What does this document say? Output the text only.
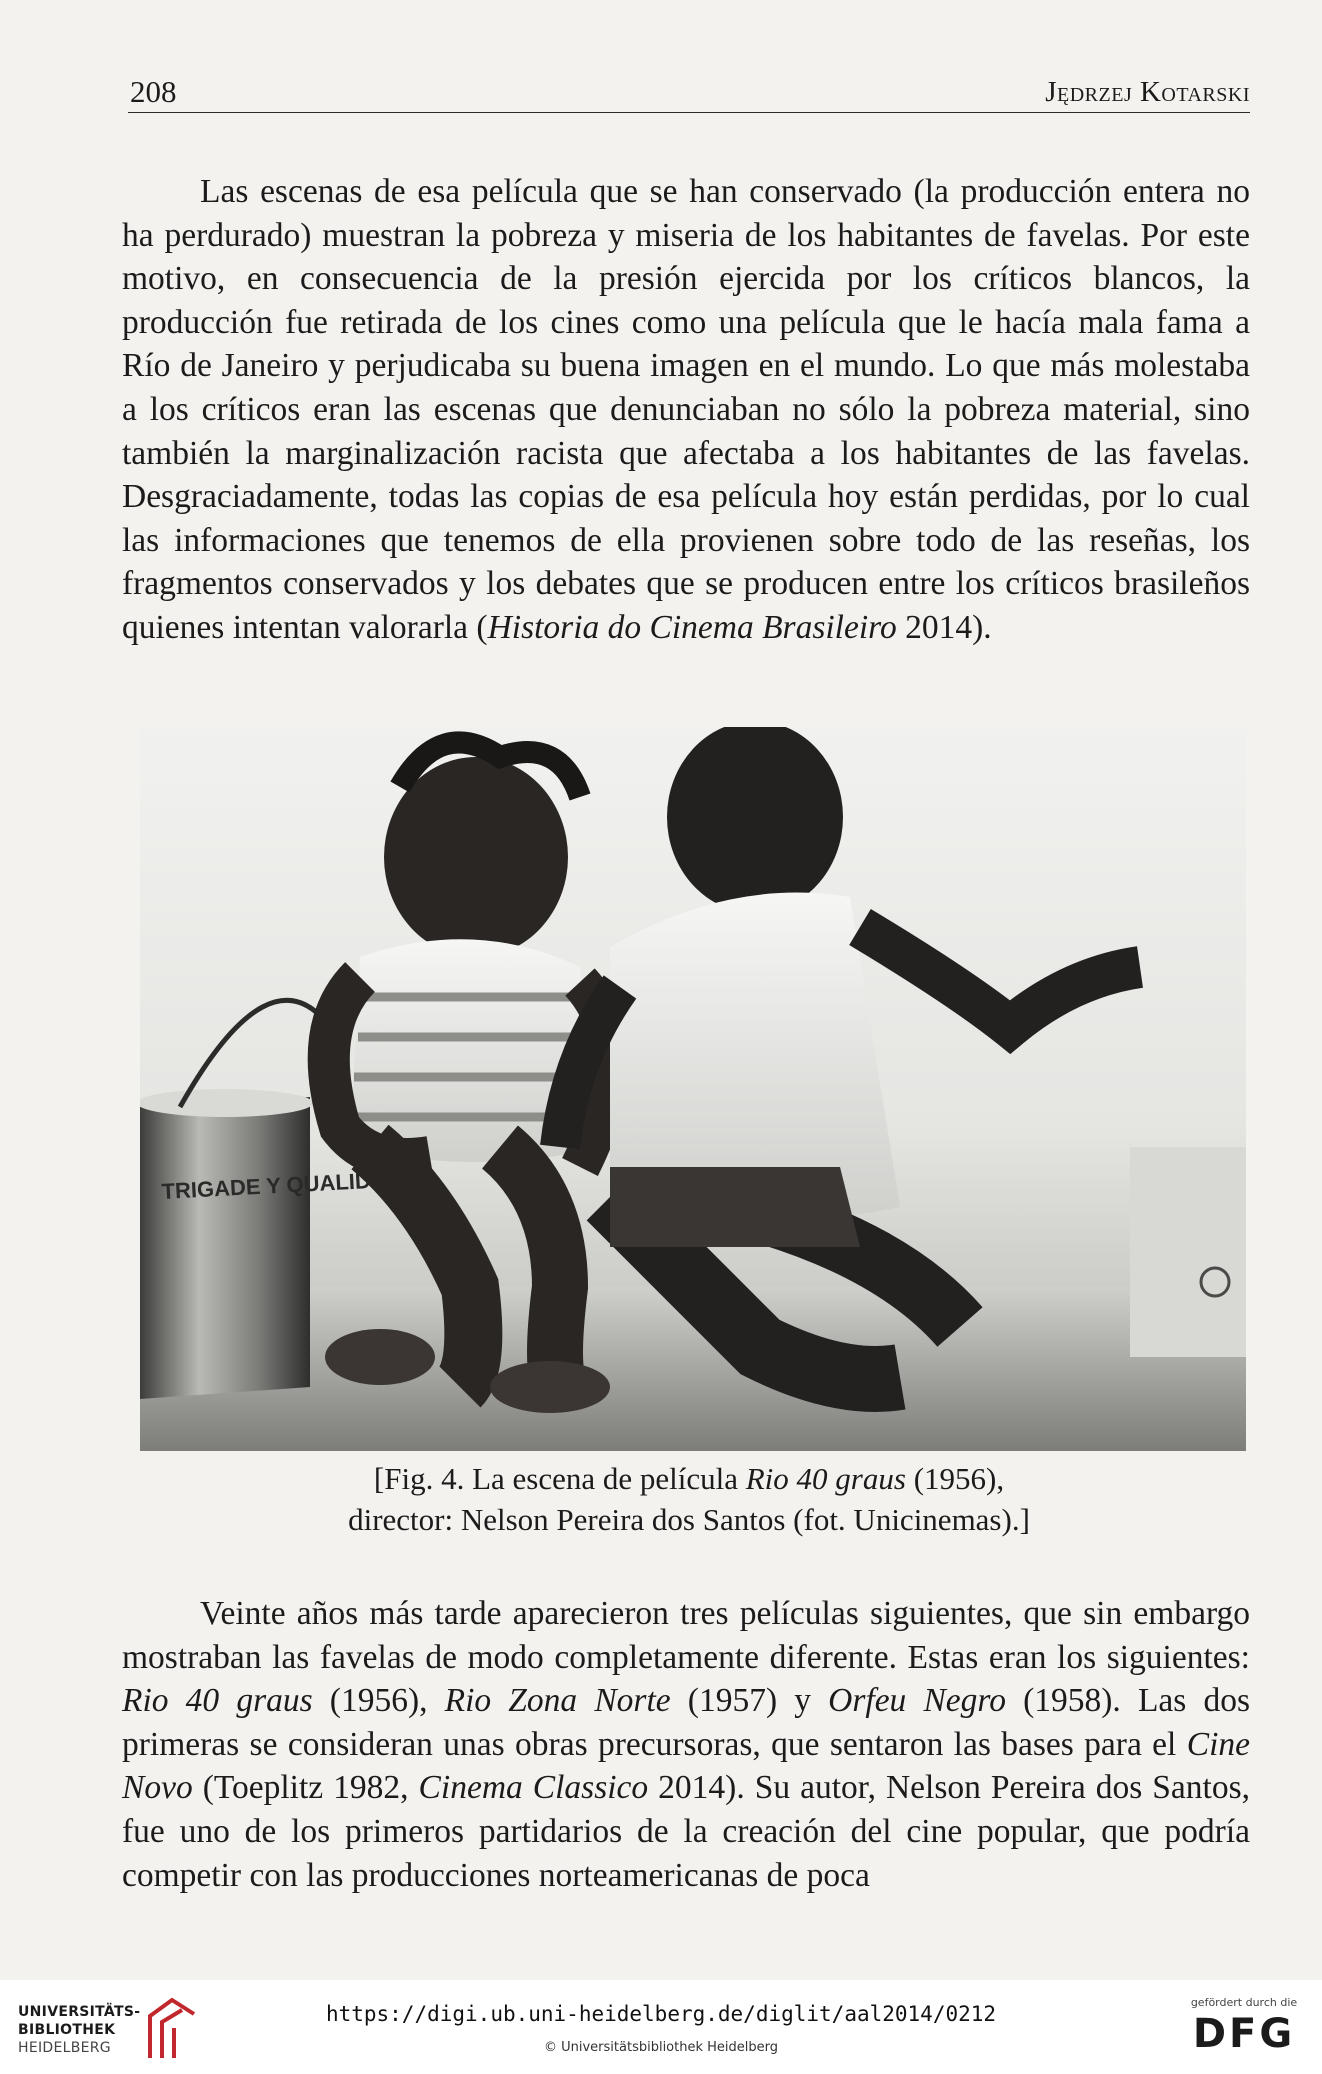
208	Jędrzej Kotarski

Las escenas de esa película que se han conservado (la producción entera no ha perdurado) muestran la pobreza y miseria de los habitantes de favelas. Por este motivo, en consecuencia de la presión ejercida por los críticos blancos, la producción fue retirada de los cines como una película que le hacía mala fama a Río de Janeiro y perjudicaba su buena imagen en el mundo. Lo que más molestaba a los críticos eran las escenas que denunciaban no sólo la pobreza material, sino también la marginalización racista que afectaba a los habitantes de las favelas. Desgraciadamente, todas las copias de esa película hoy están perdidas, por lo cual las informaciones que tenemos de ella provienen sobre todo de las reseñas, los fragmentos conservados y los debates que se producen entre los críticos brasileños quienes intentan valorarla (Historia do Cinema Brasileiro 2014).

TRIGADE Y QUALID

[Fig. 4. La escena de película Rio 40 graus (1956),

director: Nelson Pereira dos Santos (fot. Unicinemas).]

Veinte años más tarde aparecieron tres películas siguientes, que sin embargo mostraban las favelas de modo completamente diferente. Estas eran los siguientes: Rio 40 graus (1956), Rio Zona Norte (1957) y Orfeu Negro (1958). Las dos primeras se consideran unas obras precursoras, que sentaron las bases para el Cine Novo (Toeplitz 1982, Cinema Classico 2014). Su autor, Nelson Pereira dos Santos, fue uno de los primeros partidarios de la creación del cine popular, que podría competir con las producciones norteamericanas de poca

UNIVERSITÄTS-
BIBLIOTHEK
HEIDELBERG
https://digi.ub.uni-heidelberg.de/diglit/aal2014/0212
© Universitätsbibliothek Heidelberg
gefördert durch die
DFG
